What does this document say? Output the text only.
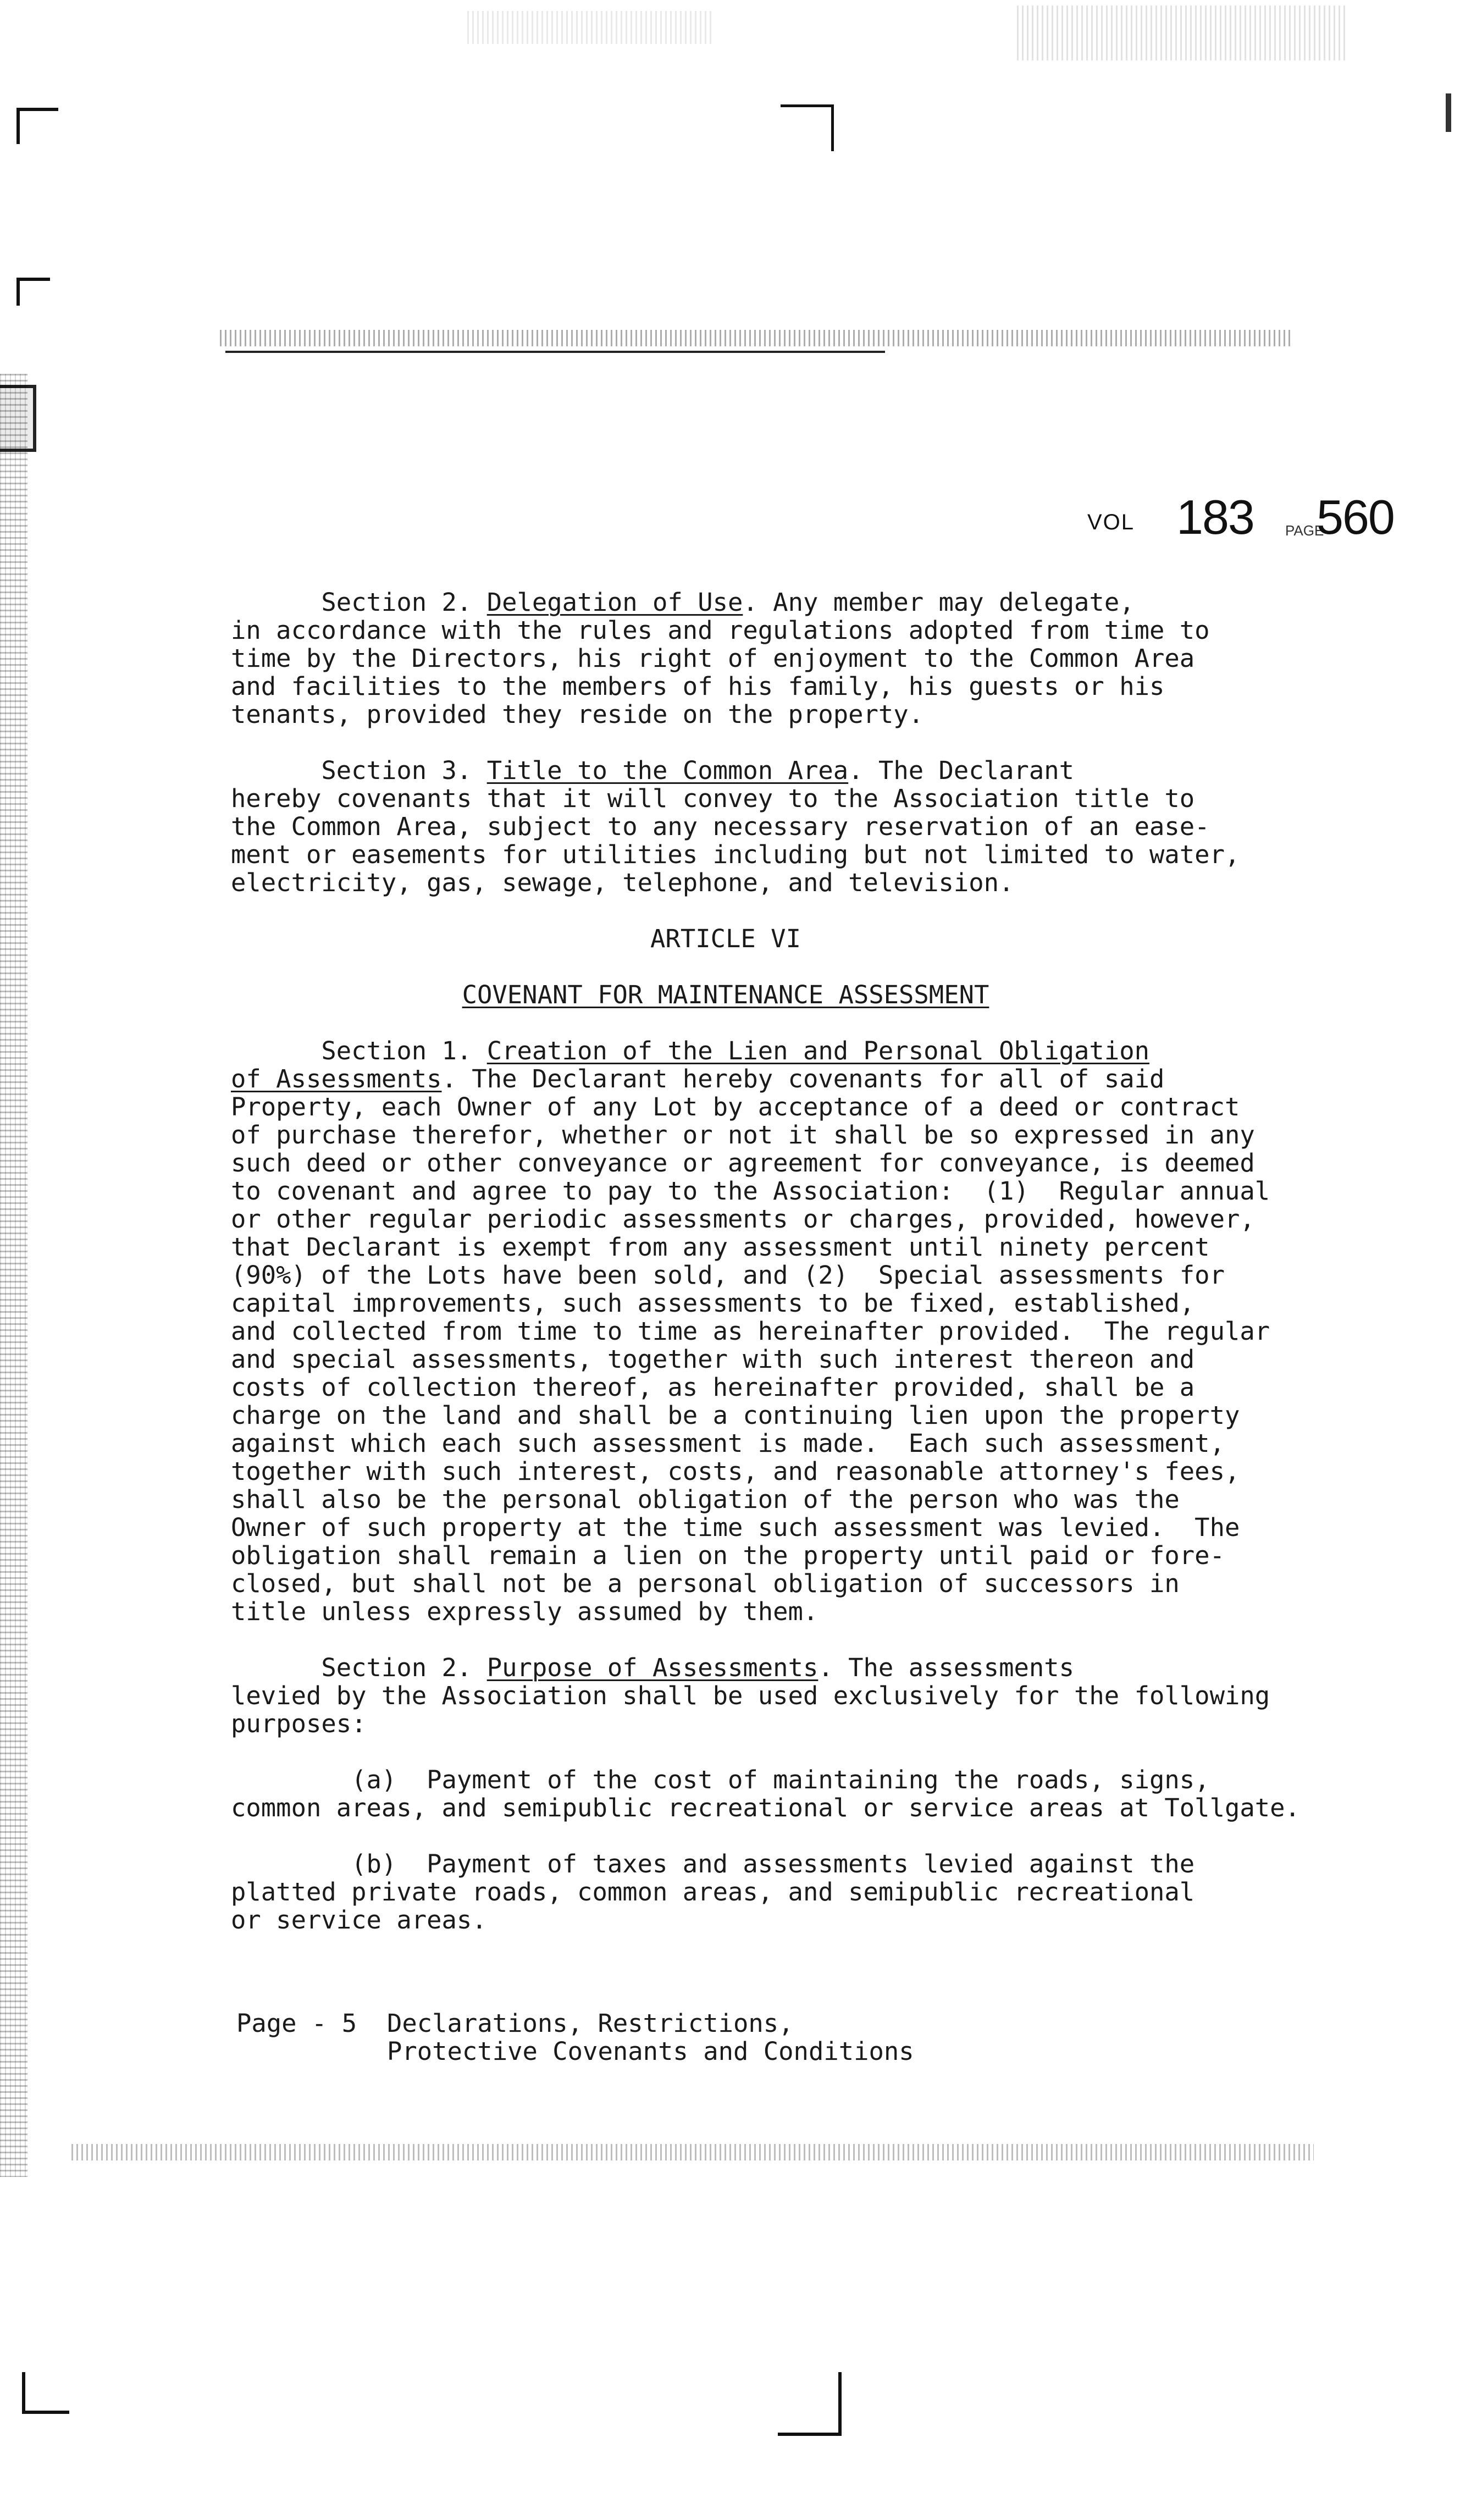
VOL 183 PAGE
560
Section 2. Delegation of Use. Any member may delegate,
in accordance with the rules and regulations adopted from time to
time by the Directors, his right of enjoyment to the Common Area
and facilities to the members of his family, his guests or his
tenants, provided they reside on the property.
Section 3. Title to the Common Area. The Declarant
hereby covenants that it will convey to the Association title to
the Common Area, subject to any necessary reservation of an ease-
ment or easements for utilities including but not limited to water,
electricity, gas, sewage, telephone, and television.
ARTICLE VI
COVENANT FOR MAINTENANCE ASSESSMENT
Section 1. Creation of the Lien and Personal Obligation
of Assessments. The Declarant hereby covenants for all of said
Property, each Owner of any Lot by acceptance of a deed or contract
of purchase therefor, whether or not it shall be so expressed in any
such deed or other conveyance or agreement for conveyance, is deemed
to covenant and agree to pay to the Association:  (1)  Regular annual
or other regular periodic assessments or charges, provided, however,
that Declarant is exempt from any assessment until ninety percent
(90%) of the Lots have been sold, and (2)  Special assessments for
capital improvements, such assessments to be fixed, established,
and collected from time to time as hereinafter provided.  The regular
and special assessments, together with such interest thereon and
costs of collection thereof, as hereinafter provided, shall be a
charge on the land and shall be a continuing lien upon the property
against which each such assessment is made.  Each such assessment,
together with such interest, costs, and reasonable attorney's fees,
shall also be the personal obligation of the person who was the
Owner of such property at the time such assessment was levied.  The
obligation shall remain a lien on the property until paid or fore-
closed, but shall not be a personal obligation of successors in
title unless expressly assumed by them.
Section 2. Purpose of Assessments. The assessments
levied by the Association shall be used exclusively for the following
purposes:
(a)  Payment of the cost of maintaining the roads, signs,
common areas, and semipublic recreational or service areas at Tollgate.
(b)  Payment of taxes and assessments levied against the
platted private roads, common areas, and semipublic recreational
or service areas.
Page - 5 Declarations, Restrictions,
Protective Covenants and Conditions
